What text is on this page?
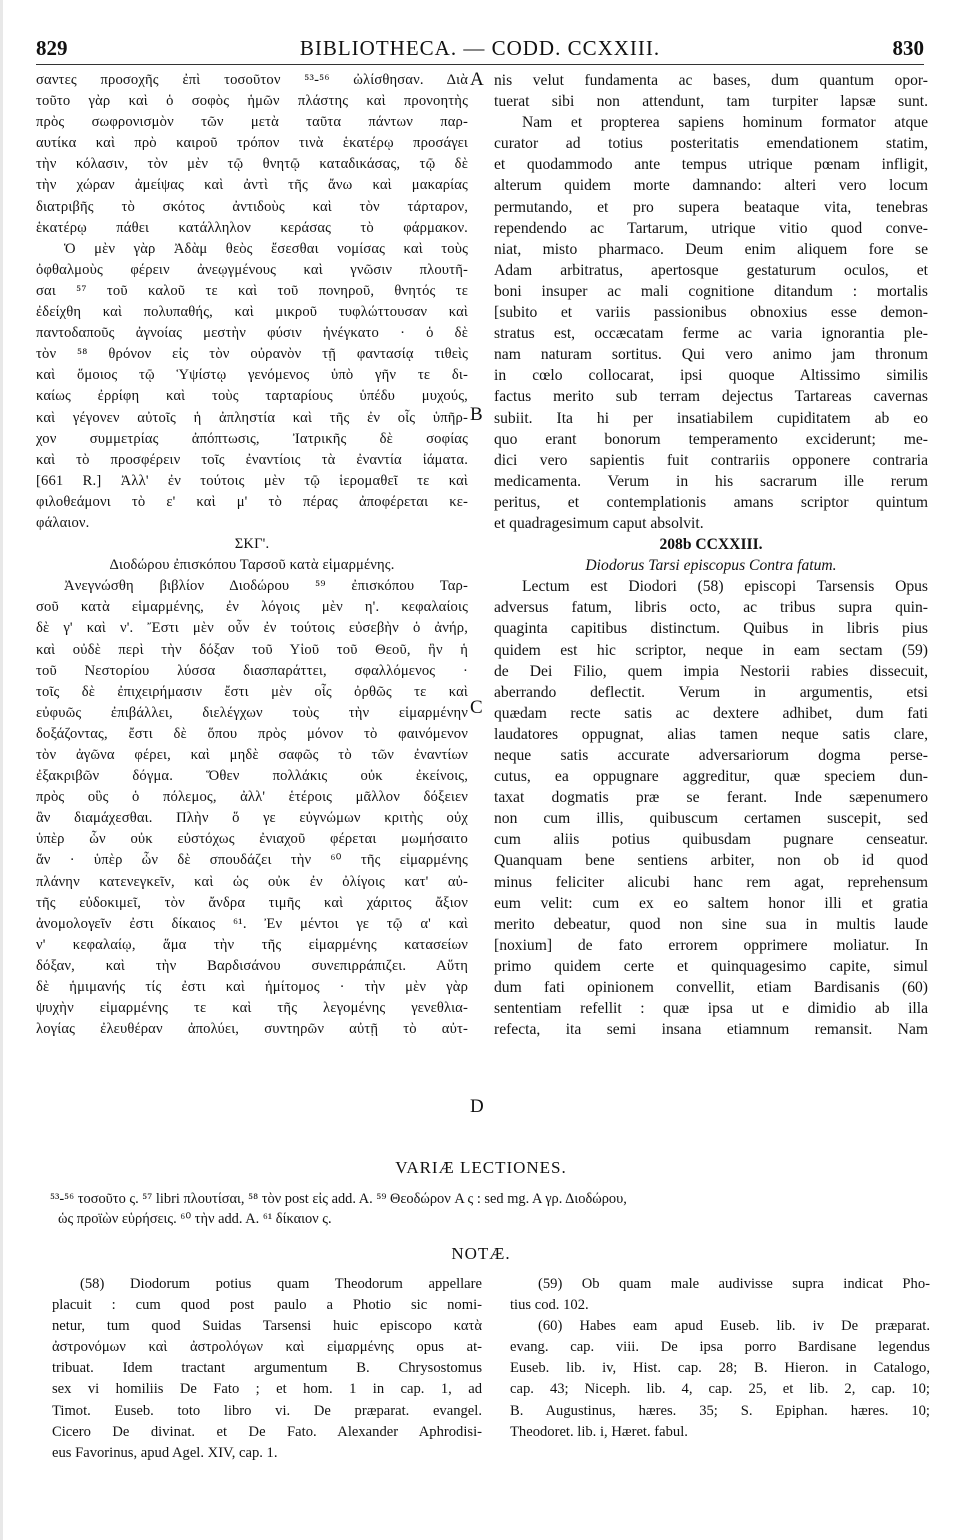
829	BIBLIOTHECA. — CODD. CCXXIII.	830
σαντες προσοχῆς ἐπὶ τοσοῦτον ⁵³-⁵⁶ ὠλίσθησαν. Διὰ
τοῦτο γὰρ καὶ ὁ σοφὸς ἡμῶν πλάστης καὶ προνοητὴς
πρὸς σωφρονισμὸν τῶν μετὰ ταῦτα πάντων παρ-
αυτίκα καὶ πρὸ καιροῦ τρόπον τινὰ ἑκατέρῳ προσάγει
τὴν κόλασιν, τὸν μὲν τῷ θνητῷ καταδικάσας, τῷ δὲ
τὴν χώραν ἀμείψας καὶ ἀντὶ τῆς ἄνω καὶ μακαρίας
διατριβῆς τὸ σκότος ἀντιδοὺς καὶ τὸν τάρταρον,
ἑκατέρῳ πάθει κατάλληλον κεράσας τὸ φάρμακον.
Ὁ μὲν γὰρ Ἀδὰμ θεὸς ἔσεσθαι νομίσας καὶ τοὺς
ὀφθαλμοὺς φέρειν ἀνεῳγμένους καὶ γνῶσιν πλουτῆ-
σαι ⁵⁷ τοῦ καλοῦ τε καὶ τοῦ πονηροῦ, θνητός τε
ἐδείχθη καὶ πολυπαθής, καὶ μικροῦ τυφλώττουσαν καὶ
παντοδαποῦς ἀγνοίας μεστὴν φύσιν ἠνέγκατο · ὁ δὲ
τὸν ⁵⁸ θρόνον εἰς τὸν οὐρανὸν τῇ φαντασίᾳ τιθεὶς
καὶ ὅμοιος τῷ Ὑψίστῳ γενόμενος ὑπὸ γῆν τε δι-
καίως ἐρρίφη καὶ τοὺς ταρταρίους ὑπέδυ μυχούς,
καὶ γέγονεν αὐτοῖς ἡ ἀπληστία καὶ τῆς ἐν οἷς ὑπῆρ-
χον συμμετρίας ἀπόπτωσις, Ἰατρικῆς δὲ σοφίας
καὶ τὸ προσφέρειν τοῖς ἐναντίοις τὰ ἐναντία ἰάματα.
[661 R.] Ἀλλ' ἐν τούτοις μὲν τῷ ἱερομαθεῖ τε καὶ
φιλοθεάμονι τὸ ε' καὶ μ' τὸ πέρας ἀποφέρεται κε-
φάλαιον.
ΣΚΓ'.
Διοδώρου ἐπισκόπου Ταρσοῦ κατὰ εἱμαρμένης.
Ἀνεγνώσθη βιβλίον Διοδώρου ⁵⁹ ἐπισκόπου Ταρ-
σοῦ κατὰ εἱμαρμένης, ἐν λόγοις μὲν η'. κεφαλαίοις
δὲ γ' καὶ ν'. Ἔστι μὲν οὖν ἐν τούτοις εὐσεβὴν ὁ ἀνήρ,
καὶ οὐδὲ περὶ τὴν δόξαν τοῦ Υἱοῦ τοῦ Θεοῦ, ἣν ἡ
τοῦ Νεστορίου λύσσα διασπαράττει, σφαλλόμενος ·
τοῖς δὲ ἐπιχειρήμασιν ἔστι μὲν οἷς ὀρθῶς τε καὶ
εὐφυῶς ἐπιβάλλει, διελέγχων τοὺς τὴν εἱμαρμένην
δοξάζοντας, ἔστι δὲ ὅπου πρὸς μόνον τὸ φαινόμενον
τὸν ἀγῶνα φέρει, καὶ μηδὲ σαφῶς τὸ τῶν ἐναντίων
ἐξακριβῶν δόγμα. Ὅθεν πολλάκις οὐκ ἐκείνοις,
πρὸς οὓς ὁ πόλεμος, ἀλλ' ἑτέροις μᾶλλον δόξειεν
ἂν διαμάχεσθαι. Πλὴν ὅ γε εὐγνώμων κριτὴς οὐχ
ὑπὲρ ὧν οὐκ εὐστόχως ἐνιαχοῦ φέρεται μωμήσαιτο
ἄν · ὑπὲρ ὧν δὲ σπουδάζει τὴν ⁶⁰ τῆς εἱμαρμένης
πλάνην κατενεγκεῖν, καὶ ὡς οὐκ ἐν ὀλίγοις κατ' αὐ-
τῆς εὐδοκιμεῖ, τὸν ἄνδρα τιμῆς καὶ χάριτος ἄξιον
ἀνομολογεῖν ἐστι δίκαιος ⁶¹. Ἐν μέντοι γε τῷ α' καὶ
ν' κεφαλαίῳ, ἅμα τὴν τῆς εἱμαρμένης κατασείων
δόξαν, καὶ τὴν Βαρδισάνου συνεπιρράπιζει. Αὕτη
δὲ ἡμιμανής τίς ἐστι καὶ ἡμίτομος · τὴν μὲν γὰρ
ψυχὴν εἱμαρμένης τε καὶ τῆς λεγομένης γενεθλια-
λογίας ἐλευθέραν ἀπολύει, συντηρῶν αὐτῇ τὸ αὐτ-
nis velut fundamenta ac bases, dum quantum opor-
tuerat sibi non attendunt, tam turpiter lapsæ sunt.
Nam et propterea sapiens hominum formator atque
curator ad totius posteritatis emendationem statim,
et quodammodo ante tempus utrique pœnam infligit,
alterum quidem morte damnando: alteri vero locum
permutando, et pro supera beataque vita, tenebras
rependendo ac Tartarum, utrique vitio quod conve-
niat, misto pharmaco. Deum enim aliquem fore se
Adam arbitratus, apertosque gestaturum oculos, et
boni insuper ac mali cognitione ditandum : mortalis
[subito et variis passionibus obnoxius esse demon-
stratus est, occæcatam ferme ac varia ignorantia ple-
nam naturam sortitus. Qui vero animo jam thronum
in cœlo collocarat, ipsi quoque Altissimo similis
factus merito sub terram dejectus Tartareas cavernas
subiit. Ita hi per insatiabilem cupiditatem ab eo
quo erant bonorum temperamento exciderunt; me-
dici vero sapientis fuit contrariis opponere contraria
medicamenta. Verum in his sacrarum ille rerum
peritus, et contemplationis amans scriptor quintum
et quadragesimum caput absolvit.
208b CCXXIII.
Diodorus Tarsi episcopus Contra fatum.
Lectum est Diodori (58) episcopi Tarsensis Opus
adversus fatum, libris octo, ac tribus supra quin-
quaginta capitibus distinctum. Quibus in libris pius
quidem est hic scriptor, neque in eam sectam (59)
de Dei Filio, quem impia Nestorii rabies dissecuit,
aberrando deflectit. Verum in argumentis, etsi
quædam recte satis ac dextere adhibet, dum fati
laudatores oppugnat, alias tamen neque satis clare,
neque satis accurate adversariorum dogma perse-
cutus, ea oppugnare aggreditur, quæ speciem dun-
taxat dogmatis præ se ferant. Inde sæpenumero
non cum illis, quibuscum certamen suscepit, sed
cum aliis potius quibusdam pugnare censeatur.
Quanquam bene sentiens arbiter, non ob id quod
minus feliciter alicubi hanc rem agat, reprehensum
eum velit: cum ex eo saltem honor illi et gratia
merito debeatur, quod non sine sua in multis laude
[noxium] de fato errorem opprimere moliatur. In
primo quidem certe et quinquagesimo capite, simul
dum fati opinionem convellit, etiam Bardisanis (60)
sententiam refellit : quæ ipsa ut e dimidio ab illa
refecta, ita semi insana etiamnum remansit. Nam
A
B
C
D
VARIÆ LECTIONES.
⁵³-⁵⁶ τοσοῦτο ς. ⁵⁷ libri πλουτίσαι, ⁵⁸ τὸν post εἰς add. A. ⁵⁹ Θεοδώρον A ς : sed mg. A γρ. Διοδώρου,
ὡς προϊὼν εὑρήσεις. ⁶⁰ τὴν add. A. ⁶¹ δίκαιον ς.
NOTÆ.
(58) Diodorum potius quam Theodorum appellare
placuit : cum quod post paulo a Photio sic nomi-
netur, tum quod Suidas Tarsensi huic episcopo κατὰ
ἀστρονόμων καὶ ἀστρολόγων καὶ εἱμαρμένης opus at-
tribuat. Idem tractant argumentum B. Chrysostomus
sex vi homiliis De Fato ; et hom. 1 in cap. 1, ad
Timot. Euseb. toto libro vi. De præparat. evangel.
Cicero De divinat. et De Fato. Alexander Aphrodisi-
eus Favorinus, apud Agel. XIV, cap. 1.
(59) Ob quam male audivisse supra indicat Pho-
tius cod. 102.
(60) Habes eam apud Euseb. lib. iv De præparat.
evang. cap. viii. De ipsa porro Bardisane legendus
Euseb. lib. iv, Hist. cap. 28; B. Hieron. in Catalogo,
cap. 43; Niceph. lib. 4, cap. 25, et lib. 2, cap. 10;
B. Augustinus, hæres. 35; S. Epiphan. hæres. 10;
Theodoret. lib. i, Hæret. fabul.
